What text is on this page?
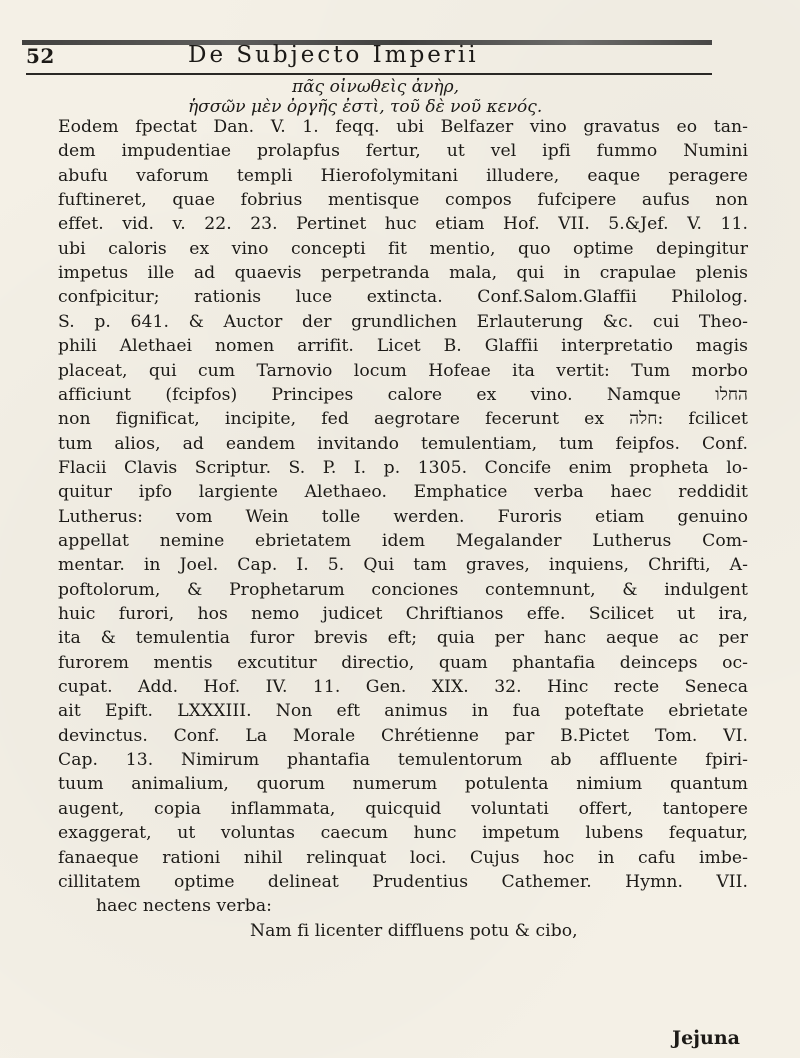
52	De Subjecto Imperii
πᾶς οἰνωθεὶς ἀνὴρ,
ἡσσῶν μὲν ὀργῆς ἐστὶ, τοῦ δὲ νοῦ κενός.
Eodem fpectat Dan. V. 1. feqq. ubi Belfazer vino gravatus eo tan-
dem impudentiae prolapfus fertur, ut vel ipfi fummo Numini
abufu vaforum templi Hierofolymitani illudere, eaque peragere
fuftineret, quae fobrius mentisque compos fufcipere aufus non
effet. vid. v. 22. 23. Pertinet huc etiam Hof. VII. 5.&Jef. V. 11.
ubi caloris ex vino concepti fit mentio, quo optime depingitur
impetus ille ad quaevis perpetranda mala, qui in crapulae plenis
confpicitur; rationis luce extincta. Conf.Salom.Glaffii Philolog.
S. p. 641. & Auctor der grundlichen Erlauterung &c. cui Theo-
phili Alethaei nomen arrifit. Licet B. Glaffii interpretatio magis
placeat, qui cum Tarnovio locum Hofeae ita vertit: Tum morbo
afficiunt (fcipfos) Principes calore ex vino. Namque החלו
non fignificat, incipite, fed aegrotare fecerunt ex חלה: fcilicet
tum alios, ad eandem invitando temulentiam, tum feipfos. Conf.
Flacii Clavis Scriptur. S. P. I. p. 1305. Concife enim propheta lo-
quitur ipfo largiente Alethaeo. Emphatice verba haec reddidit
Lutherus: vom Wein tolle werden. Furoris etiam genuino
appellat nemine ebrietatem idem Megalander Lutherus Com-
mentar. in Joel. Cap. I. 5. Qui tam graves, inquiens, Chrifti, A-
poftolorum, & Prophetarum conciones contemnunt, & indulgent
huic furori, hos nemo judicet Chriftianos effe. Scilicet ut ira,
ita & temulentia furor brevis eft; quia per hanc aeque ac per
furorem mentis excutitur directio, quam phantafia deinceps oc-
cupat. Add. Hof. IV. 11. Gen. XIX. 32. Hinc recte Seneca
ait Epift. LXXXIII. Non eft animus in fua poteftate ebrietate
devinctus. Conf. La Morale Chrétienne par B.Pictet Tom. VI.
Cap. 13. Nimirum phantafia temulentorum ab affluente fpiri-
tuum animalium, quorum numerum potulenta nimium quantum
augent, copia inflammata, quicquid voluntati offert, tantopere
exaggerat, ut voluntas caecum hunc impetum lubens fequatur,
fanaeque rationi nihil relinquat loci. Cujus hoc in cafu imbe-
cillitatem optime delineat Prudentius Cathemer. Hymn. VII.
haec nectens verba:
Nam fi licenter diffluens potu & cibo,
Jejuna
